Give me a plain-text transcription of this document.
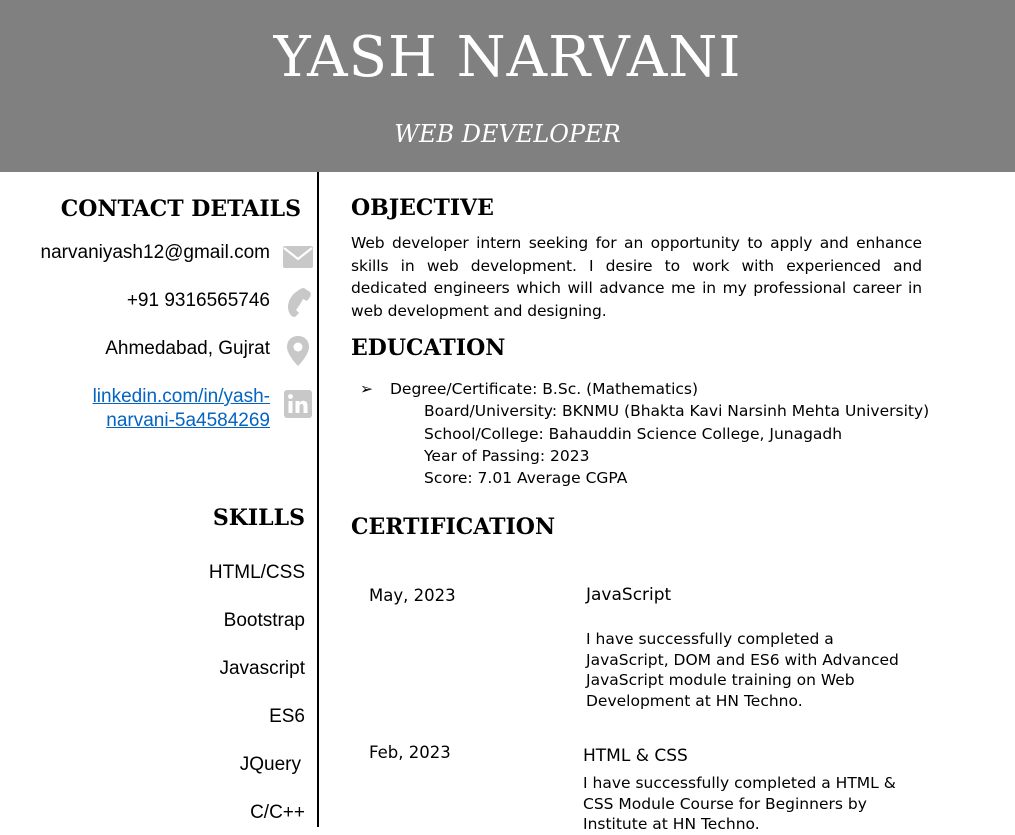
YASH NARVANI
WEB DEVELOPER
CONTACT DETAILS
narvaniyash12@gmail.com
+91 9316565746
Ahmedabad, Gujrat
linkedin.com/in/yash-
narvani-5a4584269
SKILLS
HTML/CSS
Bootstrap
Javascript
ES6
JQuery
C/C++
OBJECTIVE
Web developer intern seeking for an opportunity to apply and enhance skills in web development. I desire to work with experienced and dedicated engineers which will advance me in my professional career in web development and designing.
EDUCATION
➢ Degree/Certificate: B.Sc. (Mathematics)
Board/University: BKNMU (Bhakta Kavi Narsinh Mehta University)
School/College: Bahauddin Science College, Junagadh
Year of Passing: 2023
Score: 7.01 Average CGPA
CERTIFICATION
May, 2023	JavaScript
I have successfully completed a JavaScript, DOM and ES6 with Advanced JavaScript module training on Web Development at HN Techno.
Feb, 2023	HTML & CSS
I have successfully completed a HTML & CSS Module Course for Beginners by Institute at HN Techno.
